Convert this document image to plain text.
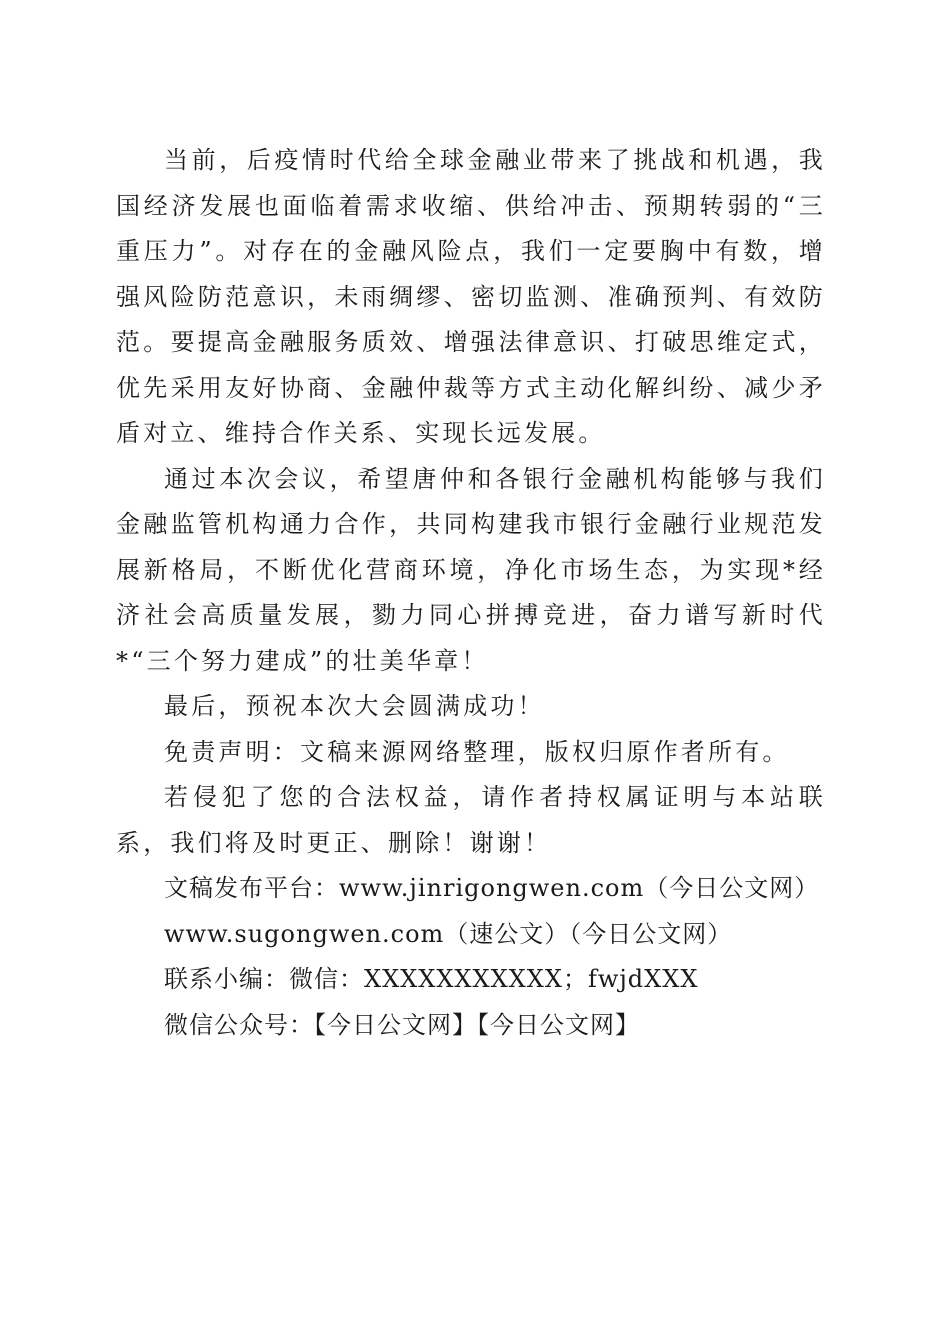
当前，后疫情时代给全球金融业带来了挑战和机遇，我国经济发展也面临着需求收缩、供给冲击、预期转弱的“三重压力”。对存在的金融风险点，我们一定要胸中有数，增强风险防范意识，未雨绸缪、密切监测、准确预判、有效防范。要提高金融服务质效、增强法律意识、打破思维定式，优先采用友好协商、金融仲裁等方式主动化解纠纷、减少矛盾对立、维持合作关系、实现长远发展。

通过本次会议，希望唐仲和各银行金融机构能够与我们金融监管机构通力合作，共同构建我市银行金融行业规范发展新格局，不断优化营商环境，净化市场生态，为实现*经济社会高质量发展，勠力同心拼搏竞进，奋力谱写新时代*“三个努力建成”的壮美华章！

最后，预祝本次大会圆满成功！

免责声明：文稿来源网络整理，版权归原作者所有。

若侵犯了您的合法权益，请作者持权属证明与本站联系，我们将及时更正、删除！谢谢！

文稿发布平台：www.jinrigongwen.com（今日公文网）

www.sugongwen.com（速公文）（今日公文网）

联系小编：微信：XXXXXXXXXXX；fwjdXXX

微信公众号：【今日公文网】【今日公文网】
